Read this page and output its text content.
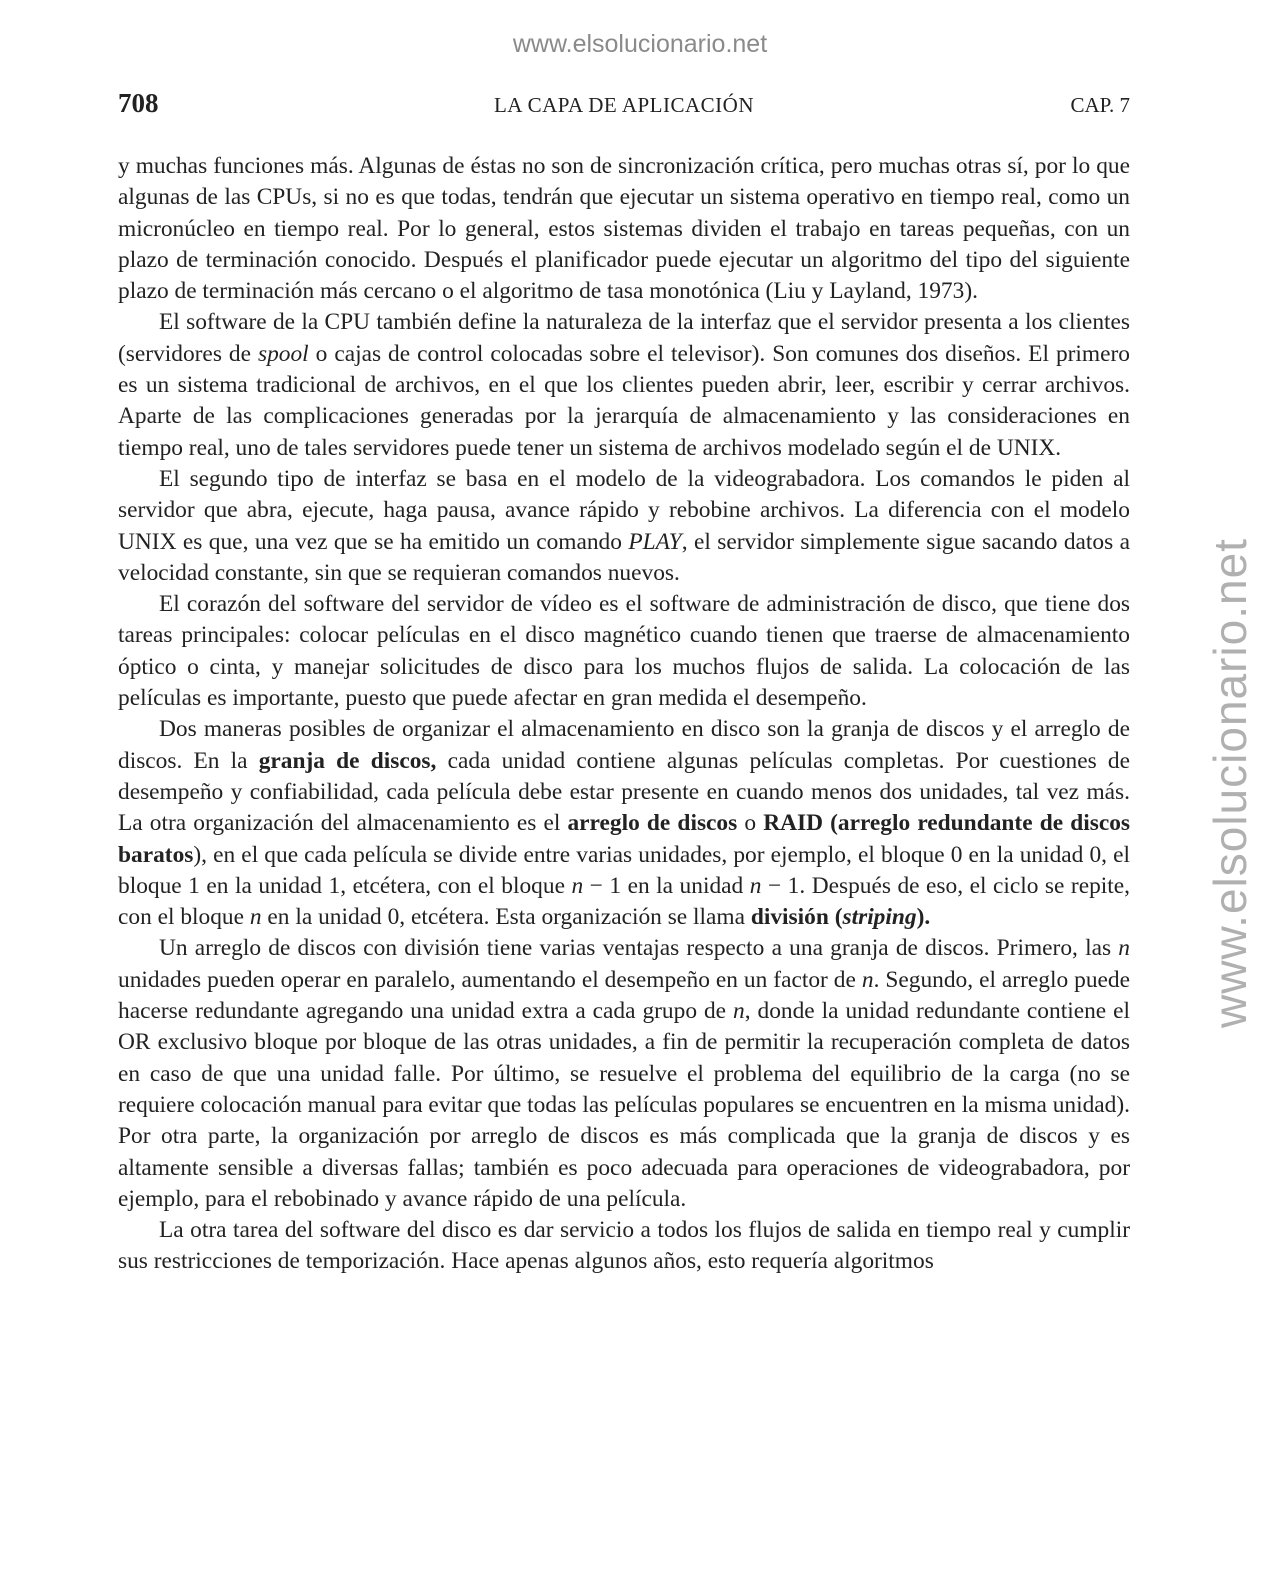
www.elsolucionario.net
www.elsolucionario.net
708	LA CAPA DE APLICACIÓN	CAP. 7

y muchas funciones más. Algunas de éstas no son de sincronización crítica, pero muchas otras sí, por lo que algunas de las CPUs, si no es que todas, tendrán que ejecutar un sistema operativo en tiempo real, como un micronúcleo en tiempo real. Por lo general, estos sistemas dividen el trabajo en tareas pequeñas, con un plazo de terminación conocido. Después el planificador puede ejecutar un algoritmo del tipo del siguiente plazo de terminación más cercano o el algoritmo de tasa monotónica (Liu y Layland, 1973).

El software de la CPU también define la naturaleza de la interfaz que el servidor presenta a los clientes (servidores de spool o cajas de control colocadas sobre el televisor). Son comunes dos diseños. El primero es un sistema tradicional de archivos, en el que los clientes pueden abrir, leer, escribir y cerrar archivos. Aparte de las complicaciones generadas por la jerarquía de almacenamiento y las consideraciones en tiempo real, uno de tales servidores puede tener un sistema de archivos modelado según el de UNIX.

El segundo tipo de interfaz se basa en el modelo de la videograbadora. Los comandos le piden al servidor que abra, ejecute, haga pausa, avance rápido y rebobine archivos. La diferencia con el modelo UNIX es que, una vez que se ha emitido un comando PLAY, el servidor simplemente sigue sacando datos a velocidad constante, sin que se requieran comandos nuevos.

El corazón del software del servidor de vídeo es el software de administración de disco, que tiene dos tareas principales: colocar películas en el disco magnético cuando tienen que traerse de almacenamiento óptico o cinta, y manejar solicitudes de disco para los muchos flujos de salida. La colocación de las películas es importante, puesto que puede afectar en gran medida el desempeño.

Dos maneras posibles de organizar el almacenamiento en disco son la granja de discos y el arreglo de discos. En la granja de discos, cada unidad contiene algunas películas completas. Por cuestiones de desempeño y confiabilidad, cada película debe estar presente en cuando menos dos unidades, tal vez más. La otra organización del almacenamiento es el arreglo de discos o RAID (arreglo redundante de discos baratos), en el que cada película se divide entre varias unidades, por ejemplo, el bloque 0 en la unidad 0, el bloque 1 en la unidad 1, etcétera, con el bloque n − 1 en la unidad n − 1. Después de eso, el ciclo se repite, con el bloque n en la unidad 0, etcétera. Esta organización se llama división (striping).

Un arreglo de discos con división tiene varias ventajas respecto a una granja de discos. Primero, las n unidades pueden operar en paralelo, aumentando el desempeño en un factor de n. Segundo, el arreglo puede hacerse redundante agregando una unidad extra a cada grupo de n, donde la unidad redundante contiene el OR exclusivo bloque por bloque de las otras unidades, a fin de permitir la recuperación completa de datos en caso de que una unidad falle. Por último, se resuelve el problema del equilibrio de la carga (no se requiere colocación manual para evitar que todas las películas populares se encuentren en la misma unidad). Por otra parte, la organización por arreglo de discos es más complicada que la granja de discos y es altamente sensible a diversas fallas; también es poco adecuada para operaciones de videograbadora, por ejemplo, para el rebobinado y avance rápido de una película.

La otra tarea del software del disco es dar servicio a todos los flujos de salida en tiempo real y cumplir sus restricciones de temporización. Hace apenas algunos años, esto requería algoritmos
